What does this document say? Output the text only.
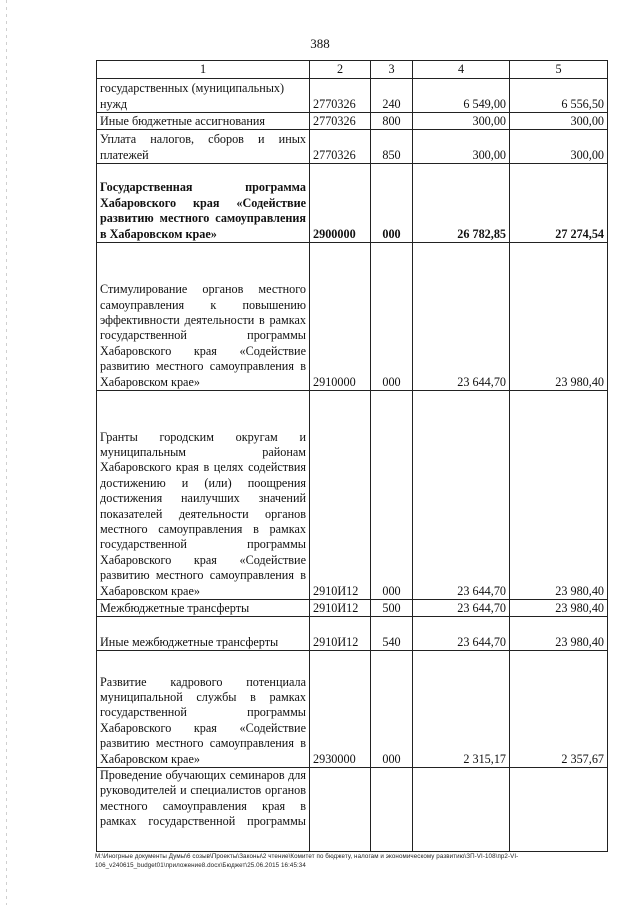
388
1	2	3	4	5
государственных (муниципальных) нужд	2770326	240	6 549,00	6 556,50
Иные бюджетные ассигнования	2770326	800	300,00	300,00
Уплата налогов, сборов и иных платежей	2770326	850	300,00	300,00
Государственная программа Хабаровского края «Содействие развитию местного самоуправления в Хабаровском крае»	2900000	000	26 782,85	27 274,54
Стимулирование органов местного самоуправления к повышению эффективности деятельности в рамках государственной программы Хабаровского края «Содействие развитию местного самоуправления в Хабаровском крае»	2910000	000	23 644,70	23 980,40
Гранты городским округам и муниципальным районам Хабаровского края в целях содействия достижению и (или) поощрения достижения наилучших значений показателей деятельности органов местного самоуправления в рамках государственной программы Хабаровского края «Содействие развитию местного самоуправления в Хабаровском крае»	2910И12	000	23 644,70	23 980,40
Межбюджетные трансферты	2910И12	500	23 644,70	23 980,40
Иные межбюджетные трансферты	2910И12	540	23 644,70	23 980,40
Развитие кадрового потенциала муниципальной службы в рамках государственной программы Хабаровского края «Содействие развитию местного самоуправления в Хабаровском крае»	2930000	000	2 315,17	2 357,67
Проведение обучающих семинаров для руководителей и специалистов органов местного самоуправления края в рамках государственной программы				
M:\Иногрные документы Думы\6 созыв\Проекты\Законы\2 чтение\Комитет по бюджету, налогам и экономическому развитию\ЗП-VI-108\пр2-VI-
106_v240615_budget01\приложение8.docx\Бюджет\25.06.2015 16:45:34
